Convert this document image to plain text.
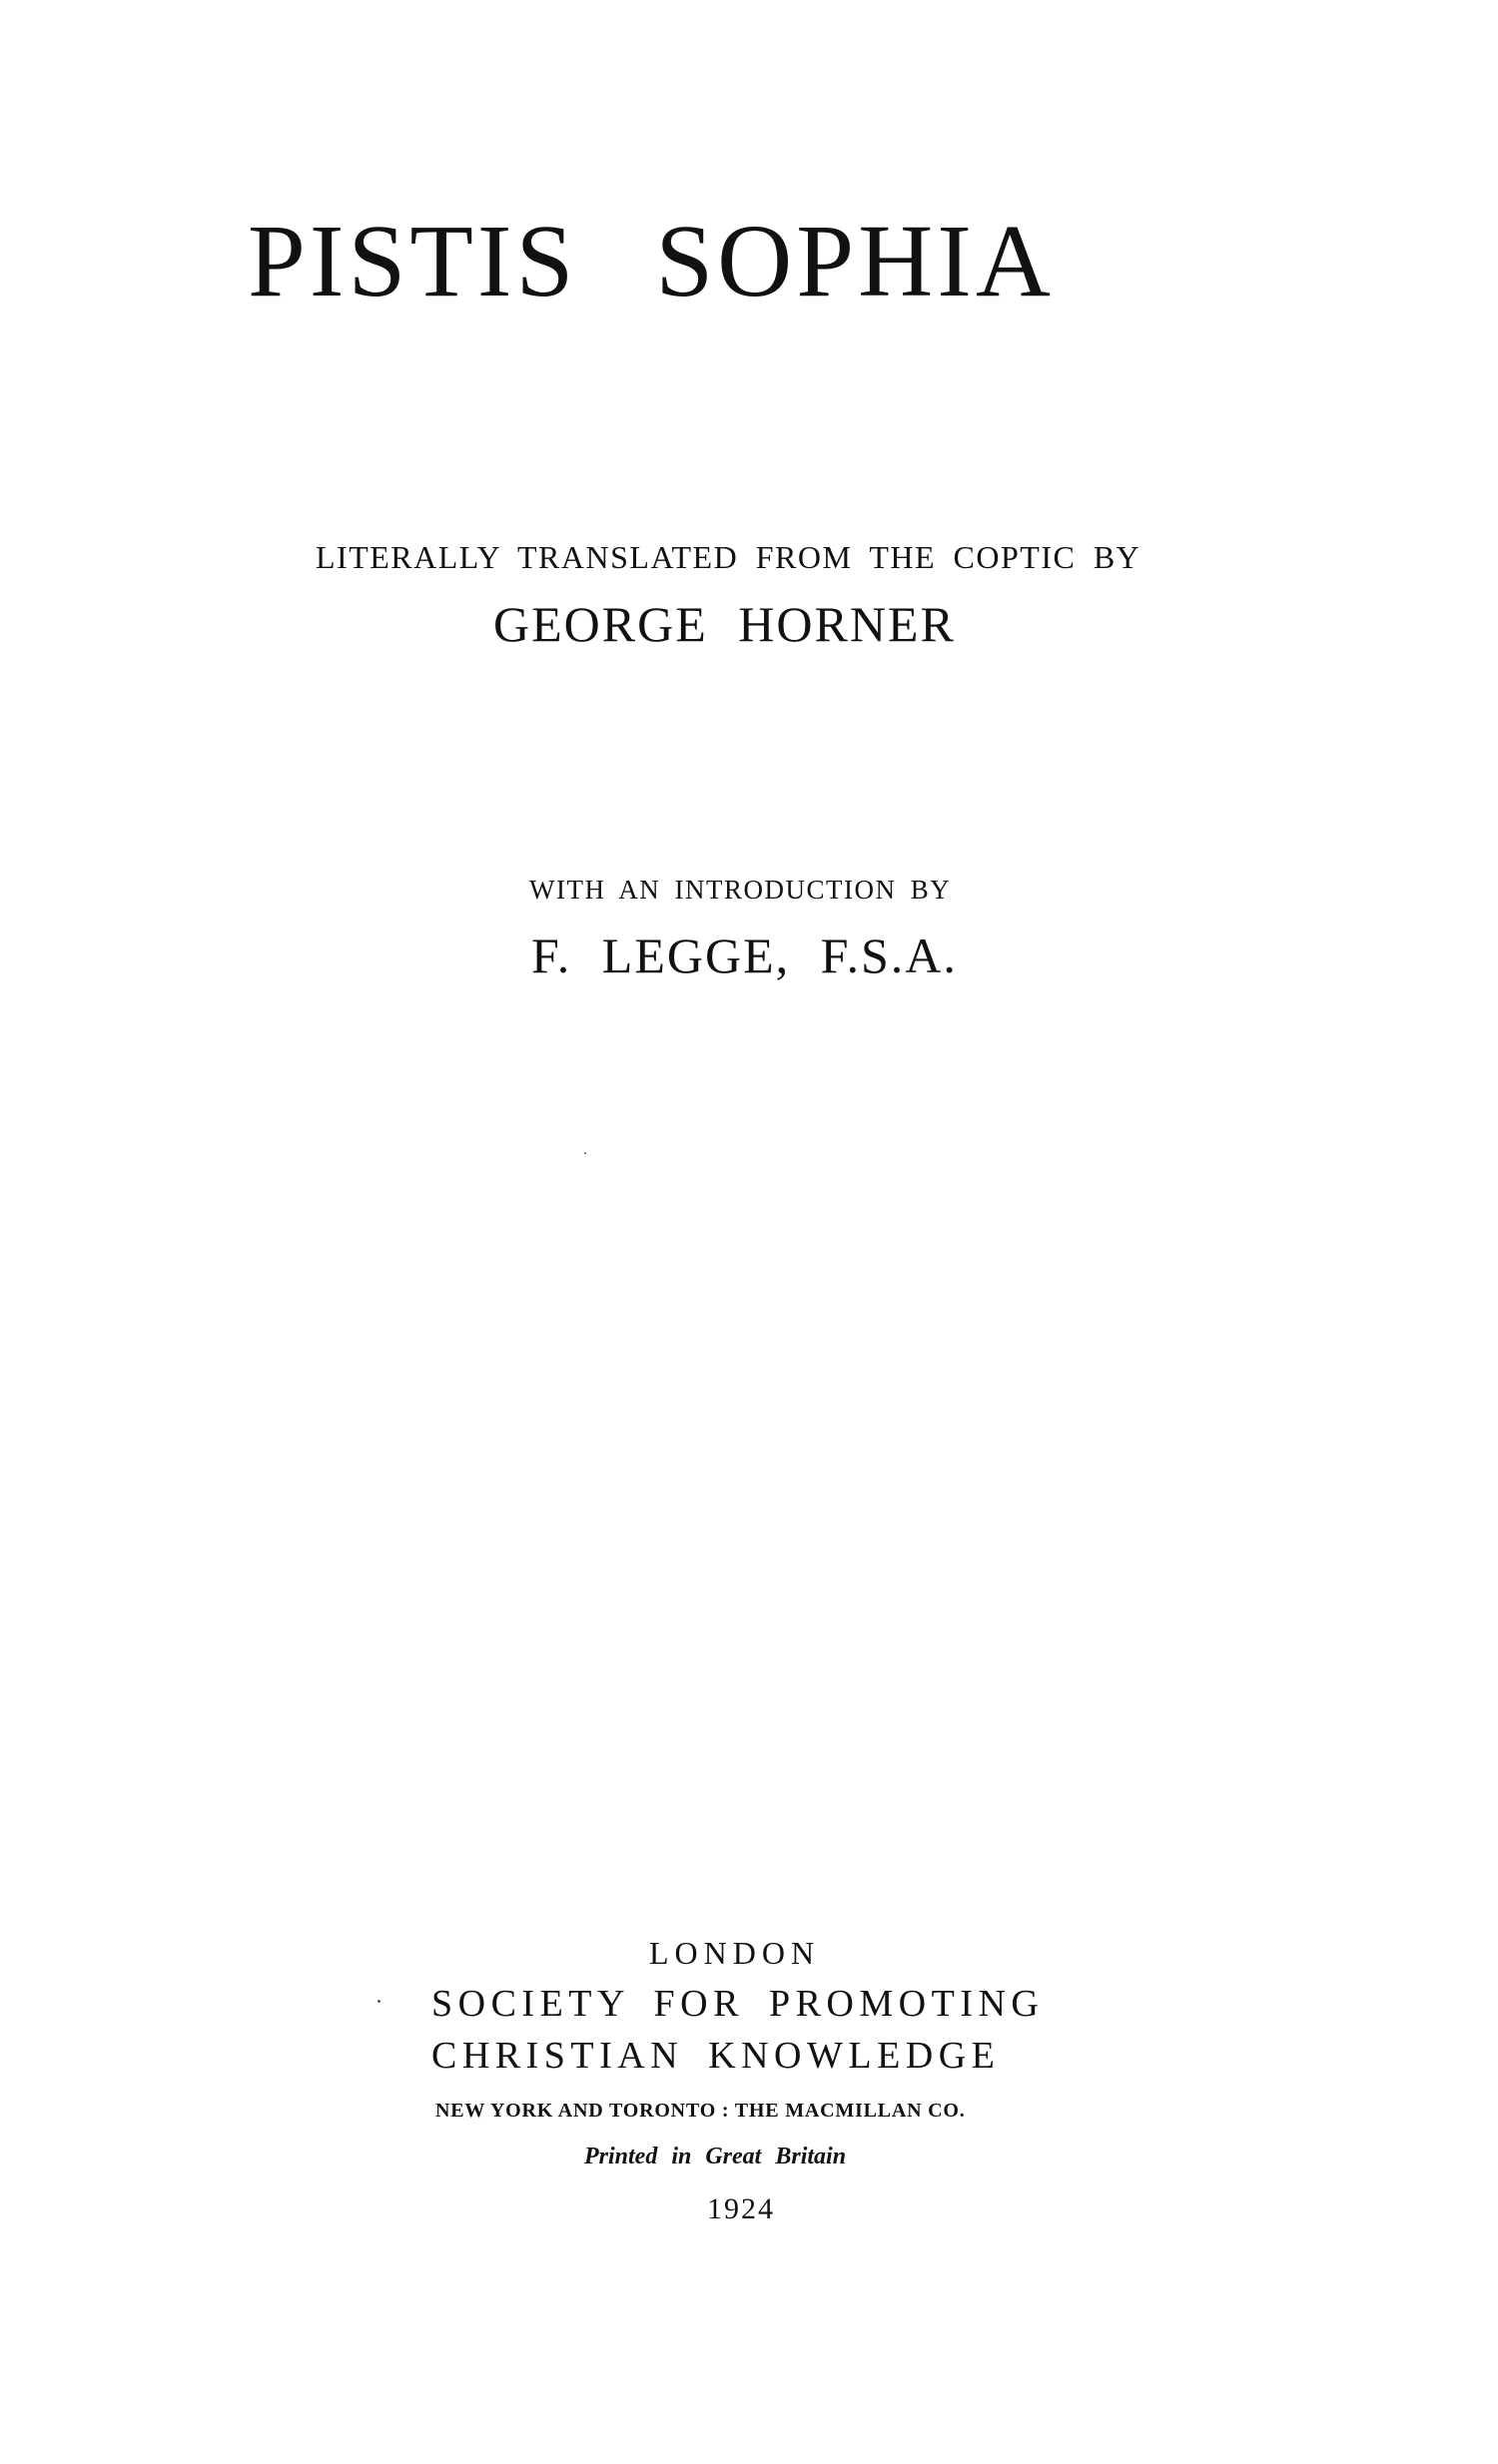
PISTIS SOPHIA
LITERALLY TRANSLATED FROM THE COPTIC BY
GEORGE HORNER
WITH AN INTRODUCTION BY
F. LEGGE, F.S.A.
LONDON
SOCIETY FOR PROMOTING
CHRISTIAN KNOWLEDGE
NEW YORK AND TORONTO : THE MACMILLAN CO.
Printed in Great Britain
1924
